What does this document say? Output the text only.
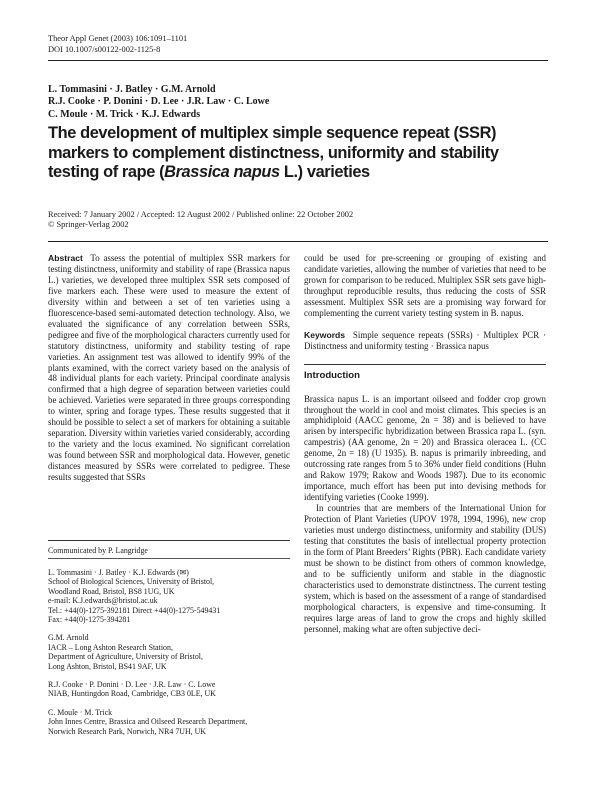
Theor Appl Genet (2003) 106:1091–1101
DOI 10.1007/s00122-002-1125-8
L. Tommasini · J. Batley · G.M. Arnold
R.J. Cooke · P. Donini · D. Lee · J.R. Law · C. Lowe
C. Moule · M. Trick · K.J. Edwards
The development of multiplex simple sequence repeat (SSR) markers to complement distinctness, uniformity and stability testing of rape (Brassica napus L.) varieties
Received: 7 January 2002 / Accepted: 12 August 2002 / Published online: 22 October 2002
© Springer-Verlag 2002

Abstract To assess the potential of multiplex SSR markers for testing distinctness, uniformity and stability of rape (Brassica napus L.) varieties, we developed three multiplex SSR sets composed of five markers each. These were used to measure the extent of diversity within and between a set of ten varieties using a fluorescence-based semi-automated detection technology. Also, we evaluated the significance of any correlation between SSRs, pedigree and five of the morphological characters currently used for statutory distinctness, uniformity and stability testing of rape varieties. An assignment test was allowed to identify 99% of the plants examined, with the correct variety based on the analysis of 48 individual plants for each variety. Principal coordinate analysis confirmed that a high degree of separation between varieties could be achieved. Varieties were separated in three groups corresponding to winter, spring and forage types. These results suggested that it should be possible to select a set of markers for obtaining a suitable separation. Diversity within varieties varied considerably, according to the variety and the locus examined. No significant correlation was found between SSR and morphological data. However, genetic distances measured by SSRs were correlated to pedigree. These results suggested that SSRs

Communicated by P. Langridge
L. Tommasini · J. Batley · K.J. Edwards (✉)
School of Biological Sciences, University of Bristol,
Woodland Road, Bristol, BS8 1UG, UK
e-mail: K.J.edwards@bristol.ac.uk
Tel.: +44(0)-1275-392181 Direct +44(0)-1275-549431
Fax: +44(0)-1275-394281
G.M. Arnold
IACR – Long Ashton Research Station,
Department of Agriculture, University of Bristol,
Long Ashton, Bristol, BS41 9AF, UK
R.J. Cooke · P. Donini · D. Lee · J.R. Law · C. Lowe
NIAB, Huntingdon Road, Cambridge, CB3 0LE, UK
C. Moule · M. Trick
John Innes Centre, Brassica and Oilseed Research Department,
Norwich Research Park, Norwich, NR4 7UH, UK

could be used for pre-screening or grouping of existing and candidate varieties, allowing the number of varieties that need to be grown for comparison to be reduced. Multiplex SSR sets gave high-throughput reproducible results, thus reducing the costs of SSR assessment. Multiplex SSR sets are a promising way forward for complementing the current variety testing system in B. napus.

Keywords Simple sequence repeats (SSRs) · Multiplex PCR · Distinctness and uniformity testing · Brassica napus

Introduction

Brassica napus L. is an important oilseed and fodder crop grown throughout the world in cool and moist climates. This species is an amphidiploid (AACC genome, 2n = 38) and is believed to have arisen by interspecific hybridization between Brassica rapa L. (syn. campestris) (AA genome, 2n = 20) and Brassica oleracea L. (CC genome, 2n = 18) (U 1935). B. napus is primarily inbreeding, and outcrossing rate ranges from 5 to 36% under field conditions (Huhn and Rakow 1979; Rakow and Woods 1987). Due to its economic importance, much effort has been put into devising methods for identifying varieties (Cooke 1999).

In countries that are members of the International Union for Protection of Plant Varieties (UPOV 1978, 1994, 1996), new crop varieties must undergo distinctness, uniformity and stability (DUS) testing that constitutes the basis of intellectual property protection in the form of Plant Breeders’ Rights (PBR). Each candidate variety must be shown to be distinct from others of common knowledge, and to be sufficiently uniform and stable in the diagnostic characteristics used to demonstrate distinctness. The current testing system, which is based on the assessment of a range of standardised morphological characters, is expensive and time-consuming. It requires large areas of land to grow the crops and highly skilled personnel, making what are often subjective deci-
